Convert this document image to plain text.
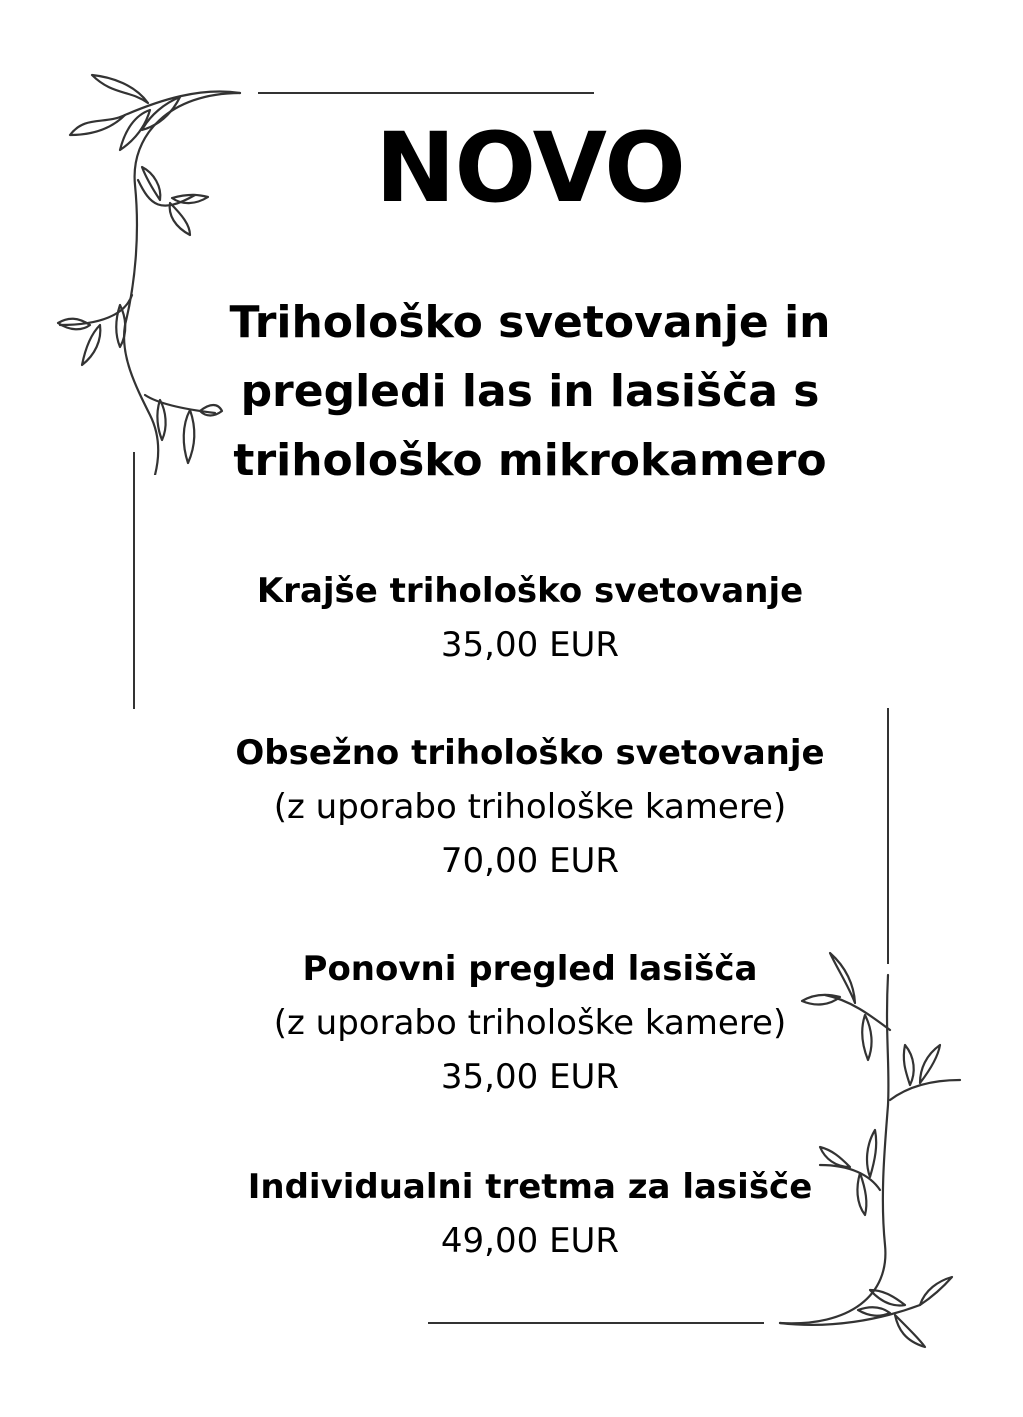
NOVO
Trihološko svetovanje in
pregledi las in lasišča s
trihološko mikrokamero
Krajše trihološko svetovanje
35,00 EUR
Obsežno trihološko svetovanje
(z uporabo trihološke kamere)
70,00 EUR
Ponovni pregled lasišča
(z uporabo trihološke kamere)
35,00 EUR
Individualni tretma za lasišče
49,00 EUR
